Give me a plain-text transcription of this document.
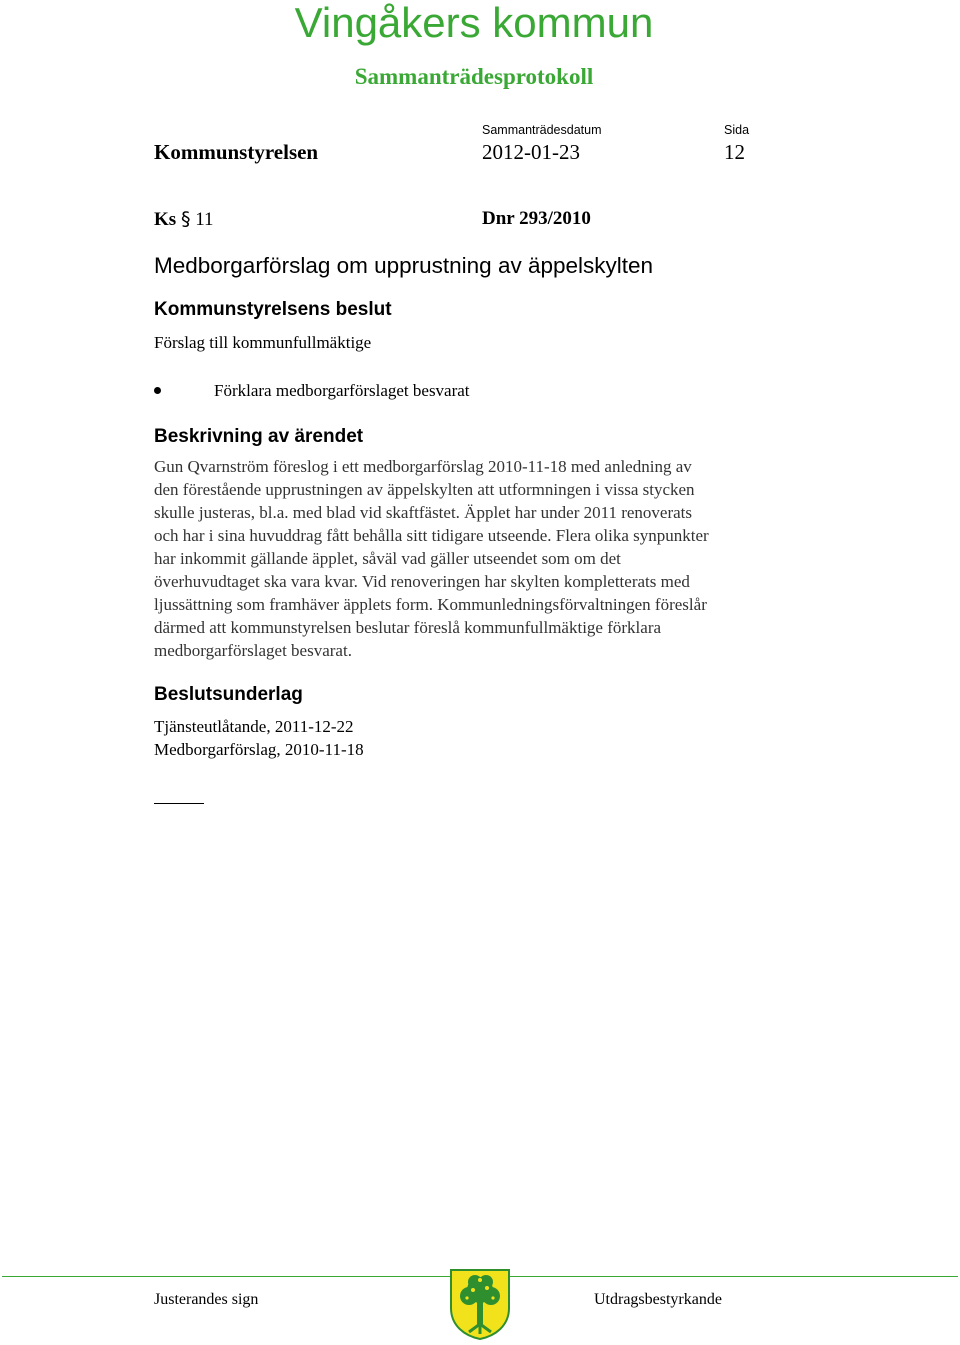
Vingåkers kommun
Sammanträdesprotokoll
Sammanträdesdatum	Sida
Kommunstyrelsen	2012-01-23	12
Ks § 11	Dnr 293/2010
Medborgarförslag om upprustning av äppelskylten
Kommunstyrelsens beslut
Förslag till kommunfullmäktige
Förklara medborgarförslaget besvarat
Beskrivning av ärendet
Gun Qvarnström föreslog i ett medborgarförslag 2010-11-18 med anledning av
den förestående upprustningen av äppelskylten att utformningen i vissa stycken
skulle justeras, bl.a. med blad vid skaftfästet. Äpplet har under 2011 renoverats
och har i sina huvuddrag fått behålla sitt tidigare utseende. Flera olika synpunkter
har inkommit gällande äpplet, såväl vad gäller utseendet som om det
överhuvudtaget ska vara kvar. Vid renoveringen har skylten kompletterats med
ljussättning som framhäver äpplets form. Kommunledningsförvaltningen föreslår
därmed att kommunstyrelsen beslutar föreslå kommunfullmäktige förklara
medborgarförslaget besvarat.
Beslutsunderlag
Tjänsteutlåtande, 2011-12-22
Medborgarförslag, 2010-11-18
Justerandes sign	Utdragsbestyrkande
